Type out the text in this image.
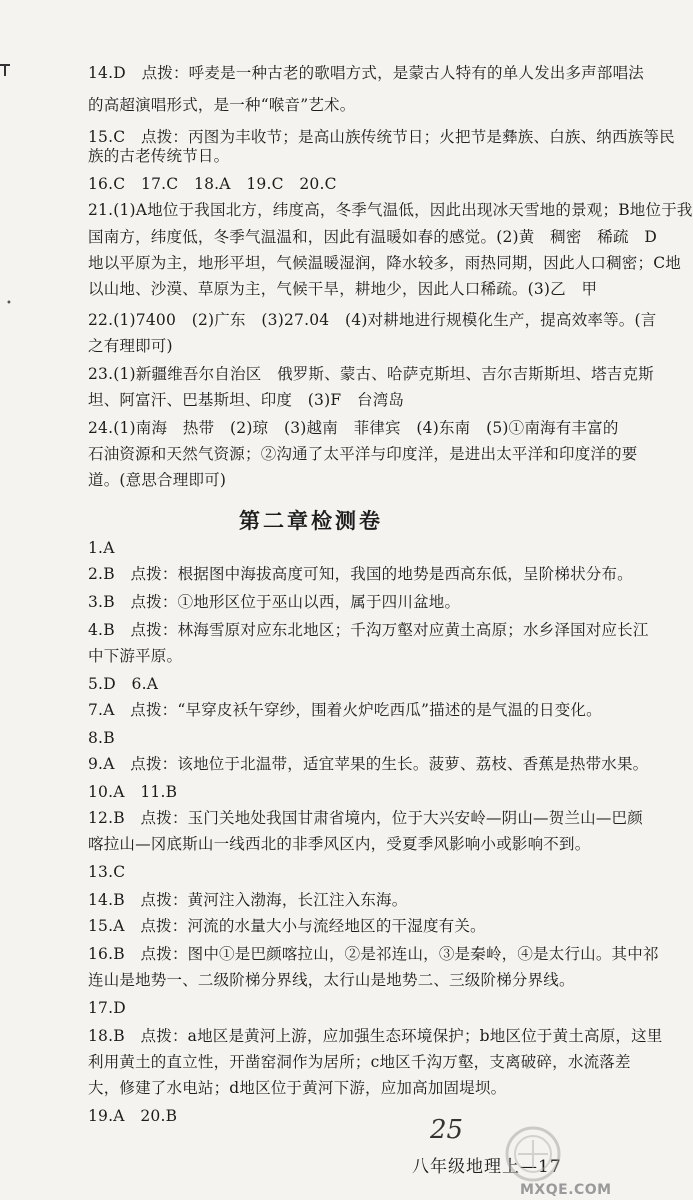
•
14.D　点拨：呼麦是一种古老的歌唱方式，是蒙古人特有的单人发出多声部唱法
的高超演唱形式，是一种“喉音”艺术。
15.C　点拨：丙图为丰收节；是高山族传统节日；火把节是彝族、白族、纳西族等民
族的古老传统节日。
16.C　17.C　18.A　19.C　20.C
21.(1)A地位于我国北方，纬度高，冬季气温低，因此出现冰天雪地的景观；B地位于我
国南方，纬度低，冬季气温温和，因此有温暖如春的感觉。(2)黄　稠密　稀疏　D
地以平原为主，地形平坦，气候温暖湿润，降水较多，雨热同期，因此人口稠密；C地
以山地、沙漠、草原为主，气候干旱，耕地少，因此人口稀疏。(3)乙　甲
22.(1)7400　(2)广东　(3)27.04　(4)对耕地进行规模化生产，提高效率等。(言
之有理即可)
23.(1)新疆维吾尔自治区　俄罗斯、蒙古、哈萨克斯坦、吉尔吉斯斯坦、塔吉克斯
坦、阿富汗、巴基斯坦、印度　(3)F　台湾岛
24.(1)南海　热带　(2)琼　(3)越南　菲律宾　(4)东南　(5)①南海有丰富的
石油资源和天然气资源；②沟通了太平洋与印度洋，是进出太平洋和印度洋的要
道。(意思合理即可)
第二章检测卷
1.A
2.B　点拨：根据图中海拔高度可知，我国的地势是西高东低，呈阶梯状分布。
3.B　点拨：①地形区位于巫山以西，属于四川盆地。
4.B　点拨：林海雪原对应东北地区；千沟万壑对应黄土高原；水乡泽国对应长江
中下游平原。
5.D　6.A
7.A　点拨：“早穿皮袄午穿纱，围着火炉吃西瓜”描述的是气温的日变化。
8.B
9.A　点拨：该地位于北温带，适宜苹果的生长。菠萝、荔枝、香蕉是热带水果。
10.A　11.B
12.B　点拨：玉门关地处我国甘肃省境内，位于大兴安岭—阴山—贺兰山—巴颜
喀拉山—冈底斯山一线西北的非季风区内，受夏季风影响小或影响不到。
13.C
14.B　点拨：黄河注入渤海，长江注入东海。
15.A　点拨：河流的水量大小与流经地区的干湿度有关。
16.B　点拨：图中①是巴颜喀拉山，②是祁连山，③是秦岭，④是太行山。其中祁
连山是地势一、二级阶梯分界线，太行山是地势二、三级阶梯分界线。
17.D
18.B　点拨：a地区是黄河上游，应加强生态环境保护；b地区位于黄土高原，这里
利用黄土的直立性，开凿窑洞作为居所；c地区千沟万壑，支离破碎，水流落差
大，修建了水电站；d地区位于黄河下游，应加高加固堤坝。
19.A　20.B	25
八年级地理上—17
MXQE.COM
